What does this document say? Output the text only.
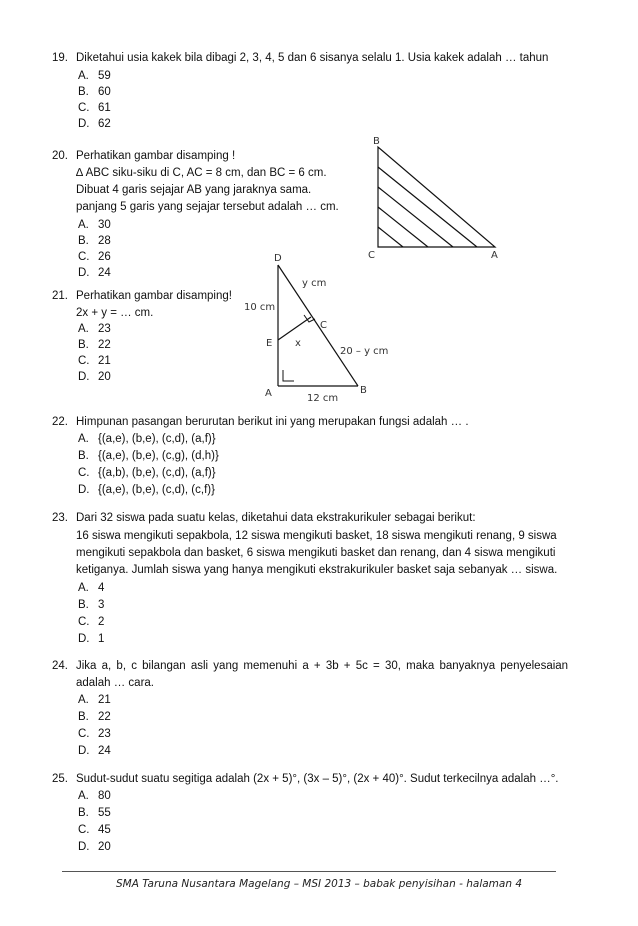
19. Diketahui usia kakek bila dibagi 2, 3, 4, 5 dan 6 sisanya selalu 1. Usia kakek adalah … tahun
A. 59
B. 60
C. 61
D. 62
20. Perhatikan gambar disamping !
∆ ABC siku-siku di C, AC = 8 cm, dan BC = 6 cm.
Dibuat 4 garis sejajar AB yang jaraknya sama.
panjang 5 garis yang sejajar tersebut adalah … cm.
A. 30
B. 28
C. 26
D. 24
B
C	A
21. Perhatikan gambar disamping!
2x + y = … cm.
A. 23
B. 22
C. 21
D. 20
D
y cm
10 cm
C
E x
20 – y cm
A	B
12 cm
22. Himpunan pasangan berurutan berikut ini yang merupakan fungsi adalah … .
A. {(a,e), (b,e), (c,d), (a,f)}
B. {(a,e), (b,e), (c,g), (d,h)}
C. {(a,b), (b,e), (c,d), (a,f)}
D. {(a,e), (b,e), (c,d), (c,f)}
23. Dari 32 siswa pada suatu kelas, diketahui data ekstrakurikuler sebagai berikut:
16 siswa mengikuti sepakbola, 12 siswa mengikuti basket, 18 siswa mengikuti renang, 9 siswa
mengikuti sepakbola dan basket, 6 siswa mengikuti basket dan renang, dan 4 siswa mengikuti
ketiganya. Jumlah siswa yang hanya mengikuti ekstrakurikuler basket saja sebanyak … siswa.
A. 4
B. 3
C. 2
D. 1
24. Jika a, b, c bilangan asli yang memenuhi a + 3b + 5c = 30, maka banyaknya penyelesaian
adalah … cara.
A. 21
B. 22
C. 23
D. 24
25. Sudut-sudut suatu segitiga adalah (2x + 5)°, (3x – 5)°, (2x + 40)°. Sudut terkecilnya adalah …°.
A. 80
B. 55
C. 45
D. 20
SMA Taruna Nusantara Magelang – MSI 2013 – babak penyisihan - halaman 4
